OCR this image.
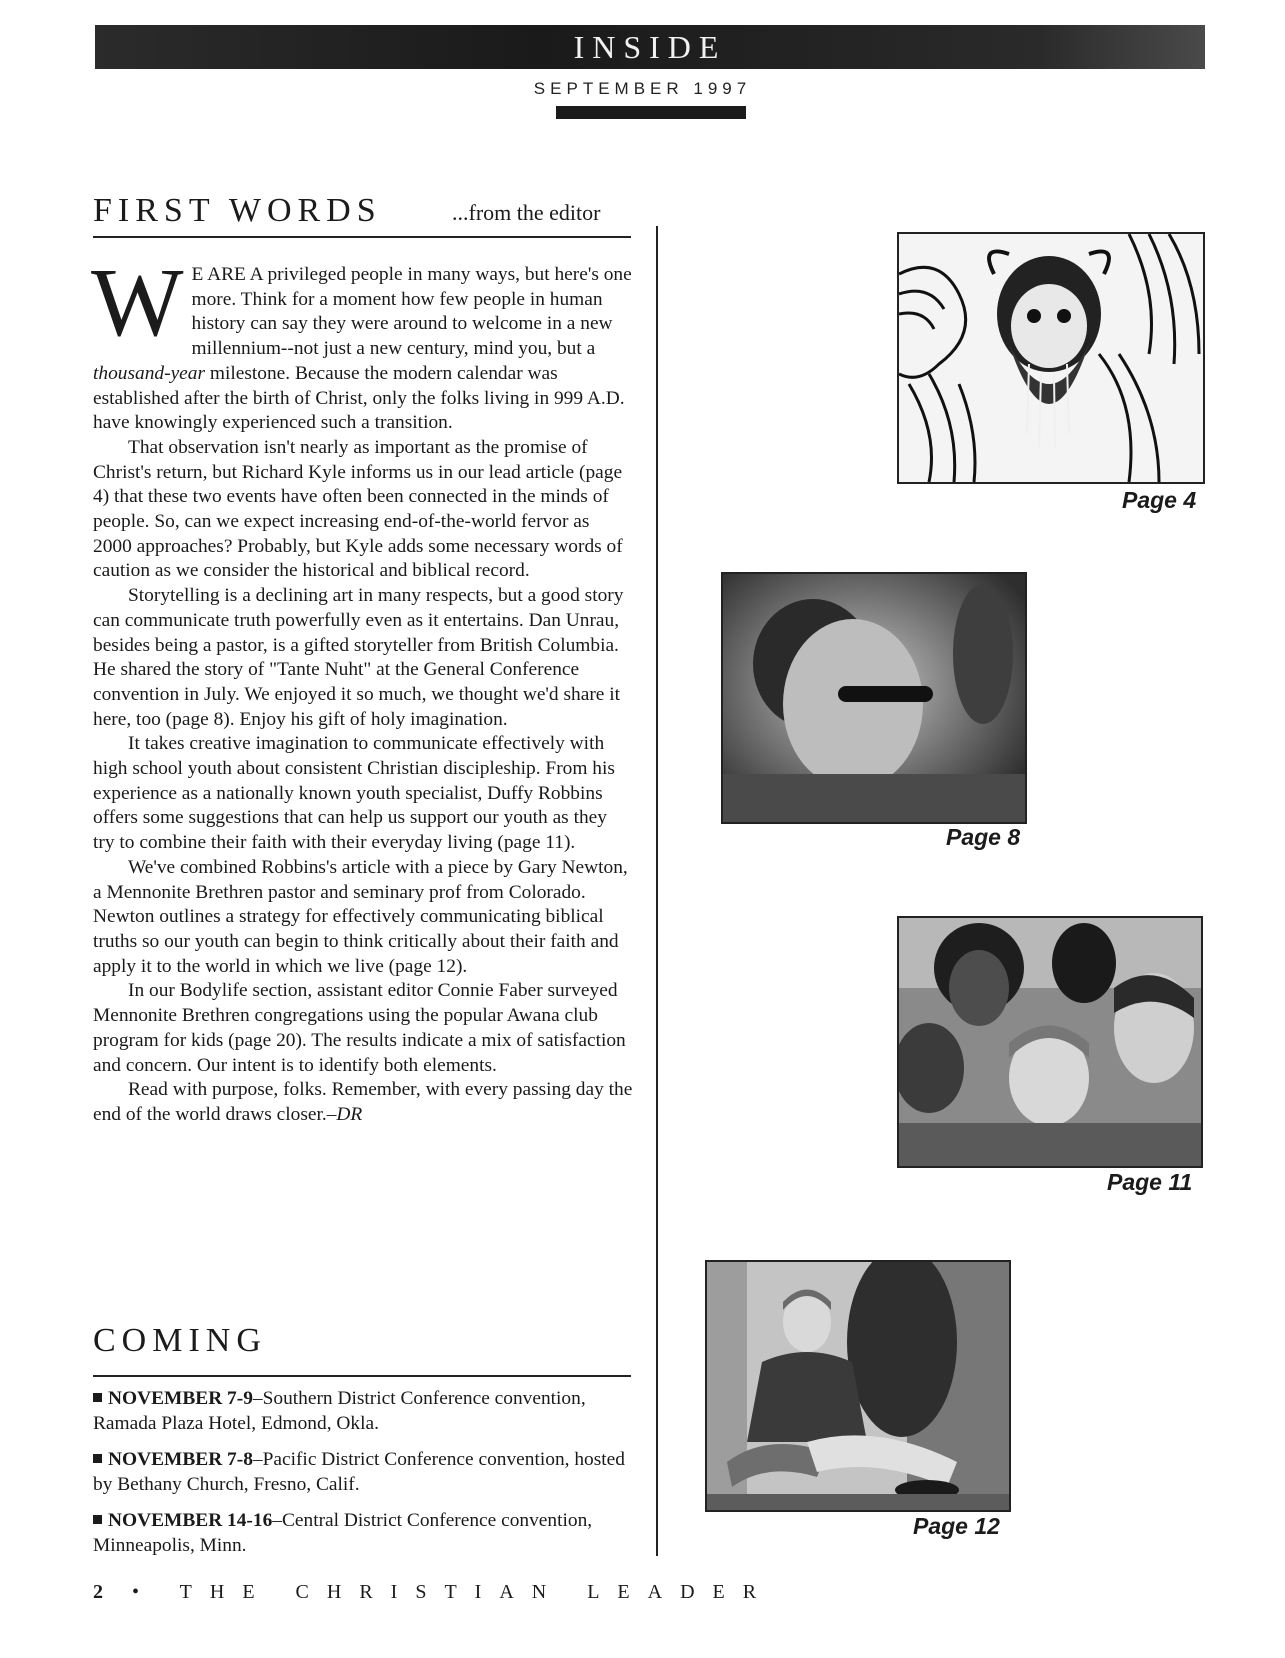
INSIDE
SEPTEMBER 1997
FIRST WORDS	...from the editor

W E ARE A privileged people in many ways, but here's one more. Think for a moment how few people in human history can say they were around to welcome in a new millennium--not just a new century, mind you, but a thousand-year milestone. Because the modern calendar was established after the birth of Christ, only the folks living in 999 A.D. have knowingly experienced such a transition.

That observation isn't nearly as important as the promise of Christ's return, but Richard Kyle informs us in our lead article (page 4) that these two events have often been connected in the minds of people. So, can we expect increasing end-of-the-world fervor as 2000 approaches? Probably, but Kyle adds some necessary words of caution as we consider the historical and biblical record.

Storytelling is a declining art in many respects, but a good story can communicate truth powerfully even as it entertains. Dan Unrau, besides being a pastor, is a gifted storyteller from British Columbia. He shared the story of "Tante Nuht" at the General Conference convention in July. We enjoyed it so much, we thought we'd share it here, too (page 8). Enjoy his gift of holy imagination.

It takes creative imagination to communicate effectively with high school youth about consistent Christian discipleship. From his experience as a nationally known youth specialist, Duffy Robbins offers some suggestions that can help us support our youth as they try to combine their faith with their everyday living (page 11).

We've combined Robbins's article with a piece by Gary Newton, a Mennonite Brethren pastor and seminary prof from Colorado. Newton outlines a strategy for effectively communicating biblical truths so our youth can begin to think critically about their faith and apply it to the world in which we live (page 12).

In our Bodylife section, assistant editor Connie Faber surveyed Mennonite Brethren congregations using the popular Awana club program for kids (page 20). The results indicate a mix of satisfaction and concern. Our intent is to identify both elements.

Read with purpose, folks. Remember, with every passing day the end of the world draws closer.–DR

COMING
NOVEMBER 7-9–Southern District Conference convention, Ramada Plaza Hotel, Edmond, Okla.
NOVEMBER 7-8–Pacific District Conference convention, hosted by Bethany Church, Fresno, Calif.
NOVEMBER 14-16–Central District Conference convention, Minneapolis, Minn.
2 • THE CHRISTIAN LEADER
Page 4
Page 8
Page 11
Page 12
